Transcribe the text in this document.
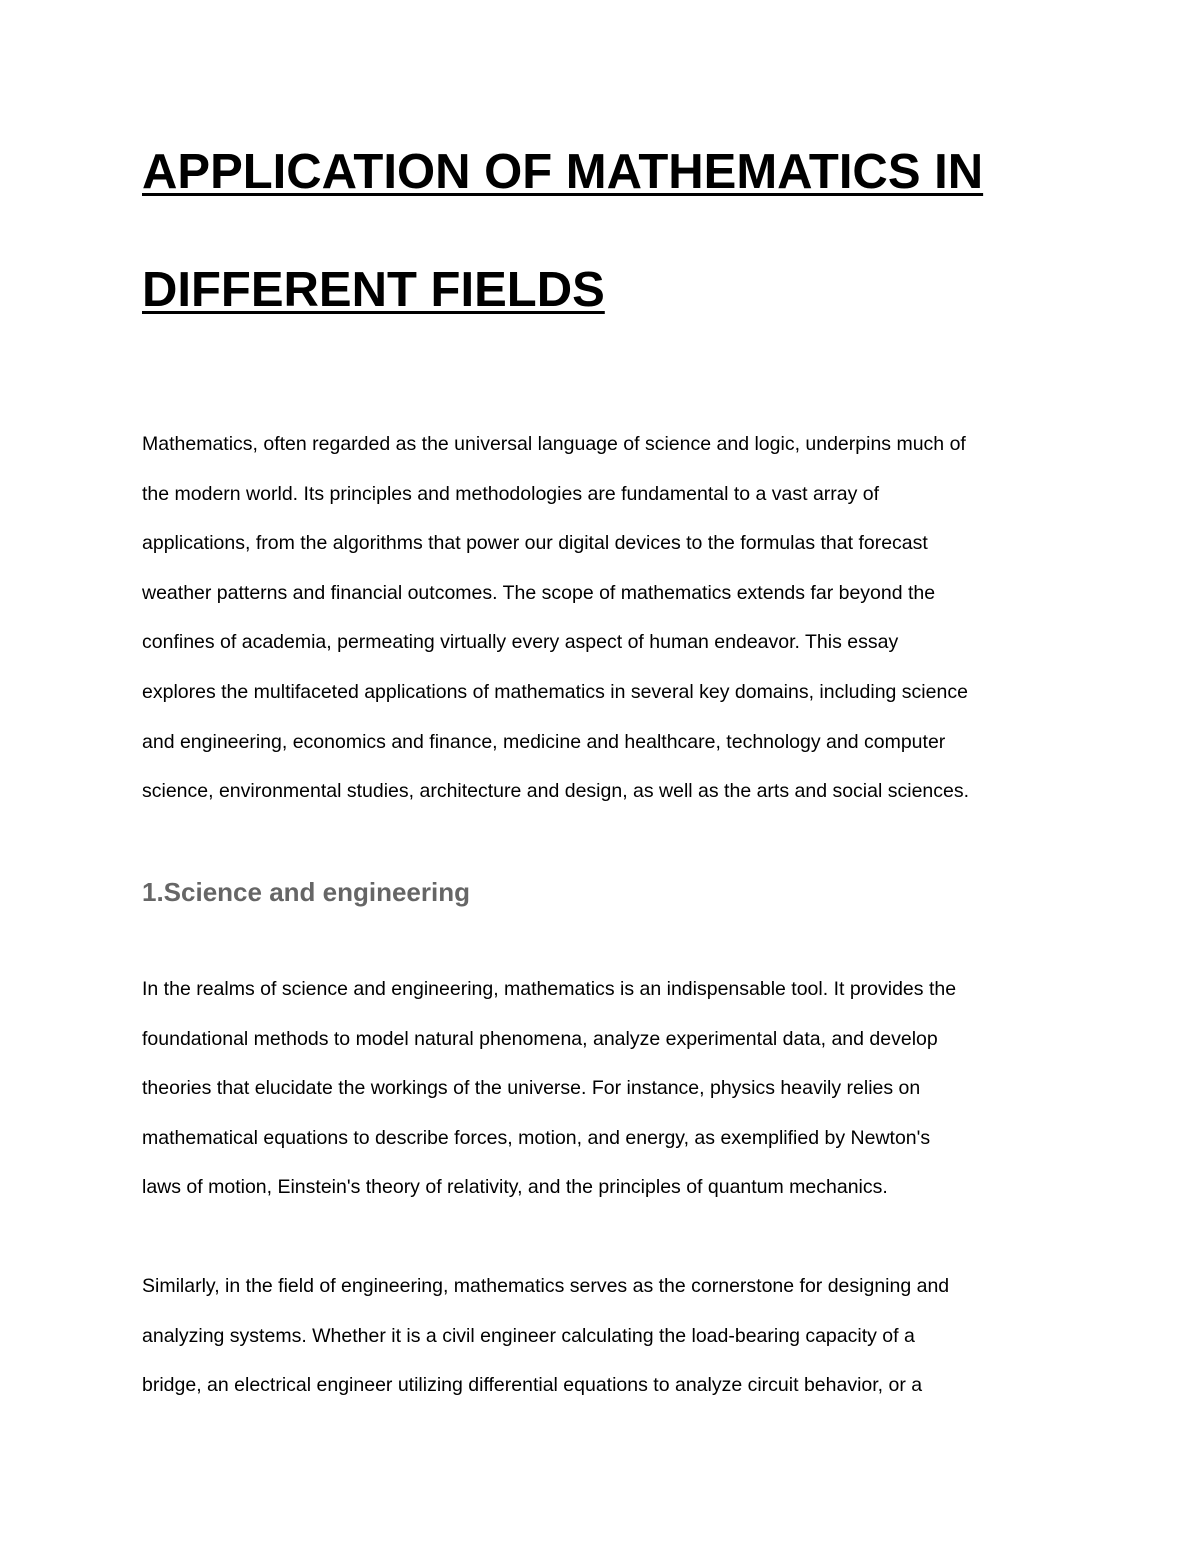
APPLICATION OF MATHEMATICS IN
DIFFERENT FIELDS

Mathematics, often regarded as the universal language of science and logic, underpins much of
the modern world. Its principles and methodologies are fundamental to a vast array of
applications, from the algorithms that power our digital devices to the formulas that forecast
weather patterns and financial outcomes. The scope of mathematics extends far beyond the
confines of academia, permeating virtually every aspect of human endeavor. This essay
explores the multifaceted applications of mathematics in several key domains, including science
and engineering, economics and finance, medicine and healthcare, technology and computer
science, environmental studies, architecture and design, as well as the arts and social sciences.

1.Science and engineering

In the realms of science and engineering, mathematics is an indispensable tool. It provides the
foundational methods to model natural phenomena, analyze experimental data, and develop
theories that elucidate the workings of the universe. For instance, physics heavily relies on
mathematical equations to describe forces, motion, and energy, as exemplified by Newton's
laws of motion, Einstein's theory of relativity, and the principles of quantum mechanics.

Similarly, in the field of engineering, mathematics serves as the cornerstone for designing and
analyzing systems. Whether it is a civil engineer calculating the load-bearing capacity of a
bridge, an electrical engineer utilizing differential equations to analyze circuit behavior, or a
